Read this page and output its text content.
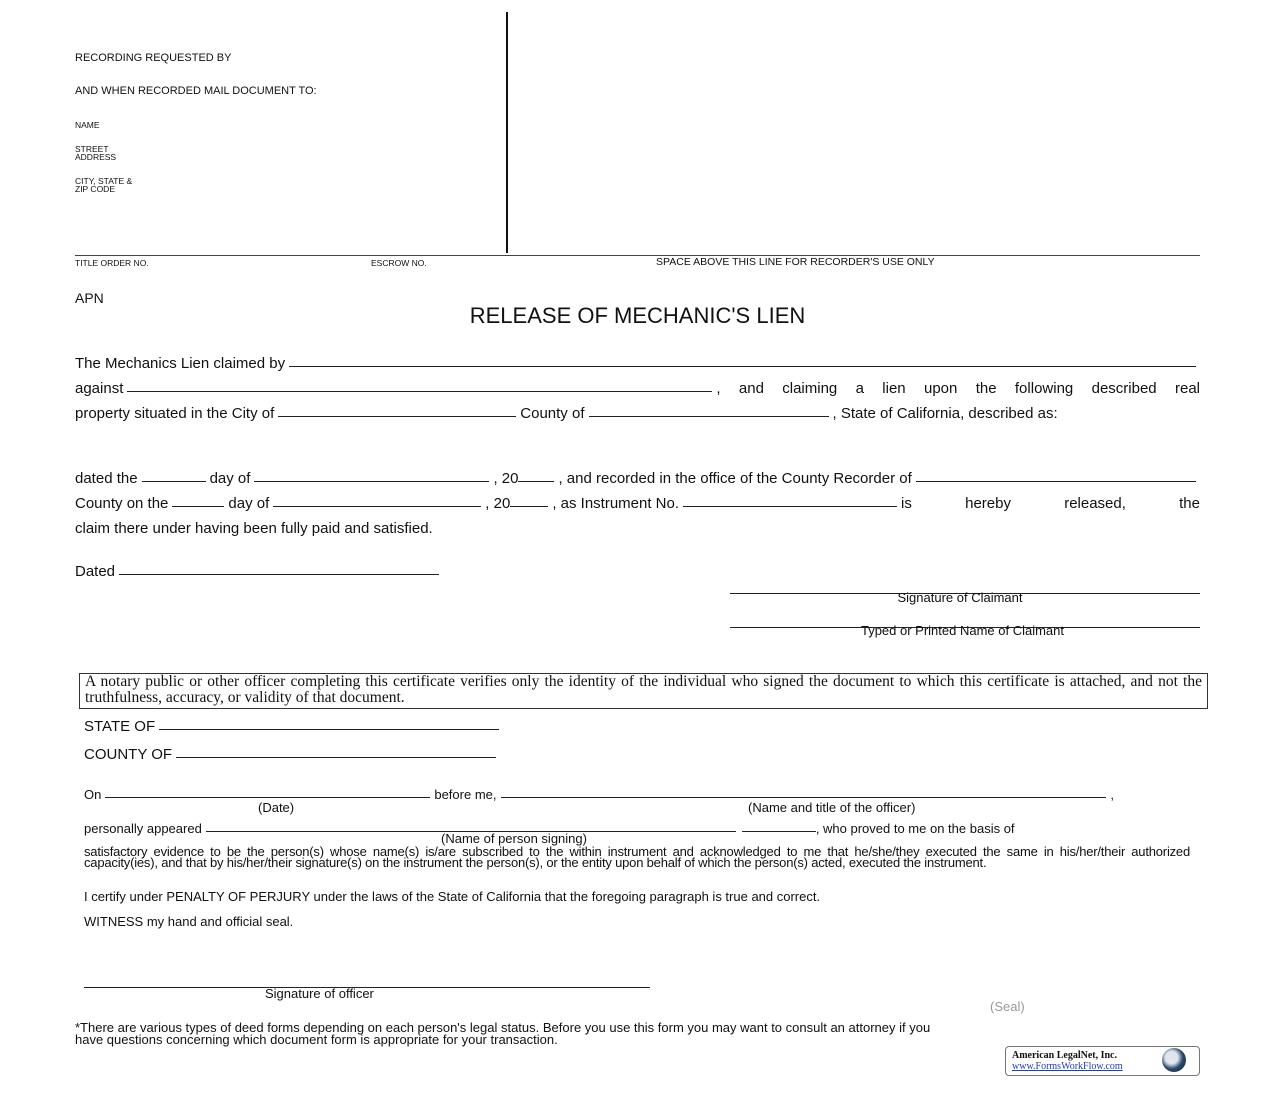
RECORDING REQUESTED BY
AND WHEN RECORDED MAIL DOCUMENT TO:
NAME
STREET
ADDRESS
CITY, STATE &
ZIP CODE
TITLE ORDER NO.	ESCROW NO.	SPACE ABOVE THIS LINE FOR RECORDER'S USE ONLY
APN
RELEASE OF MECHANIC'S LIEN
The Mechanics Lien claimed by
against	, and claiming a lien upon the following described real
property situated in the City of	County of	, State of California, described as:
dated the	day of	, 20	, and recorded in the office of the County Recorder of
County on the	day of	, 20	, as Instrument No.	is hereby released, the
claim there under having been fully paid and satisfied.
Dated
Signature of Claimant
Typed or Printed Name of Claimant
A notary public or other officer completing this certificate verifies only the identity of the individual who signed the document to which this certificate is attached, and not the truthfulness, accuracy, or validity of that document.
STATE OF
COUNTY OF
On	before me,	,
(Date)	(Name and title of the officer)
personally appeared	, who proved to me on the basis of
(Name of person signing)
satisfactory evidence to be the person(s) whose name(s) is/are subscribed to the within instrument and acknowledged to me that he/she/they executed the same in his/her/their authorized capacity(ies), and that by his/her/their signature(s) on the instrument the person(s), or the entity upon behalf of which the person(s) acted, executed the instrument.
I certify under PENALTY OF PERJURY under the laws of the State of California that the foregoing paragraph is true and correct.
WITNESS my hand and official seal.
Signature of officer
(Seal)
*There are various types of deed forms depending on each person's legal status. Before you use this form you may want to consult an attorney if you
have questions concerning which document form is appropriate for your transaction.
American LegalNet, Inc.
www.FormsWorkFlow.com
